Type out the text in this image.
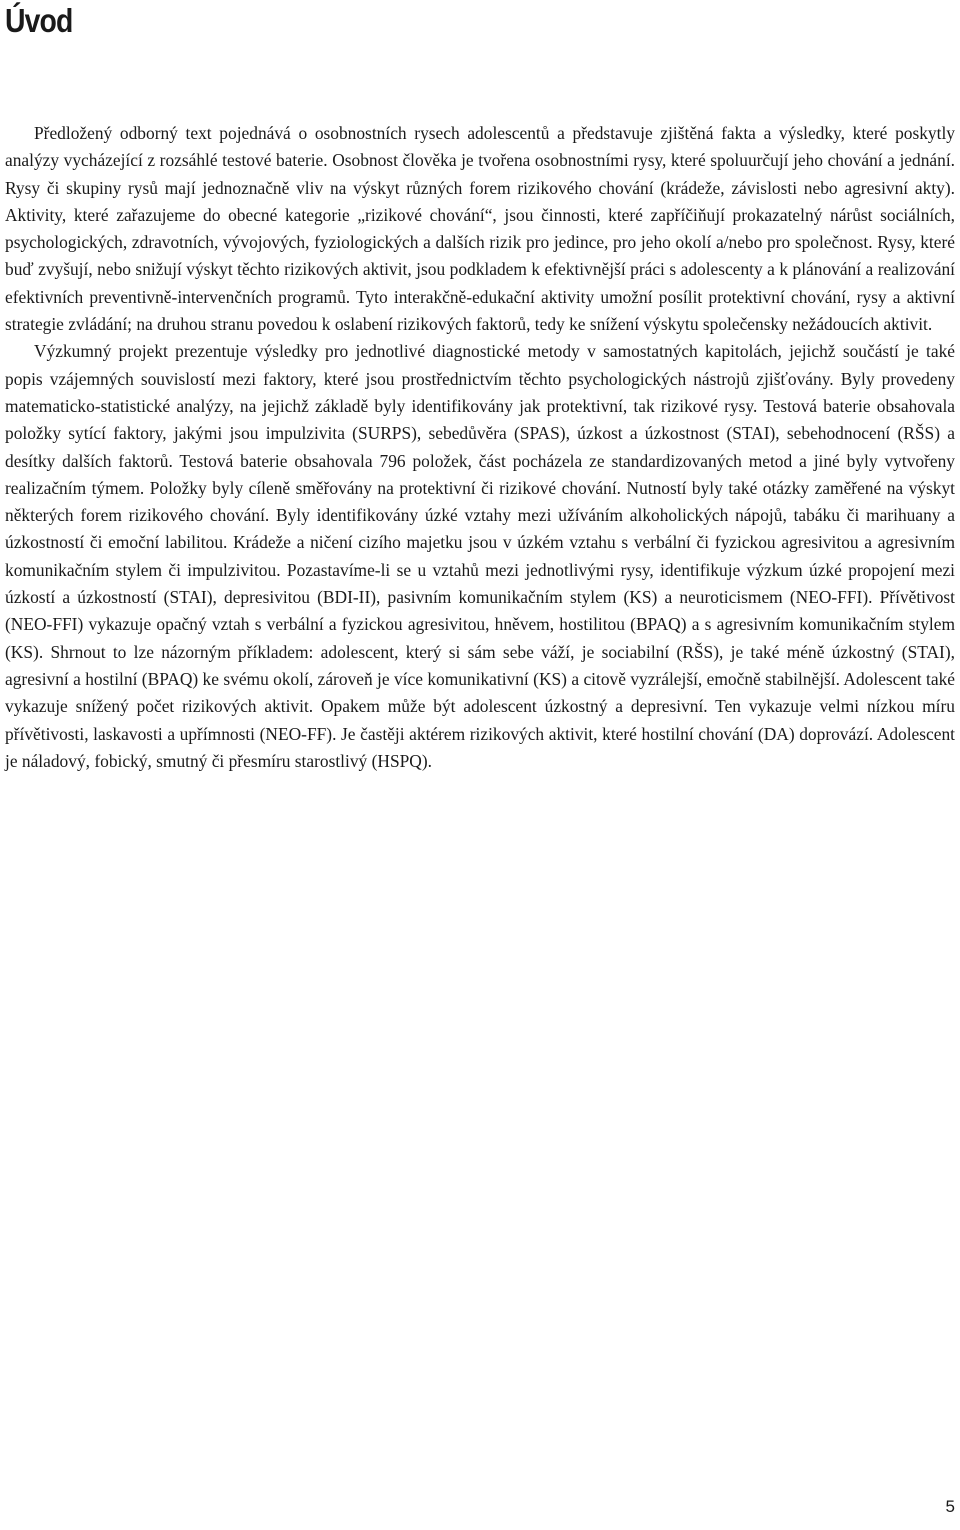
Úvod

Předložený odborný text pojednává o osobnostních rysech adolescentů a představuje zjištěná fakta a výsledky, které poskytly analýzy vycházející z rozsáhlé testové baterie. Osobnost člověka je tvořena osobnostními rysy, které spoluurčují jeho chování a jednání. Rysy či skupiny rysů mají jednoznačně vliv na výskyt různých forem rizikového chování (krádeže, závislosti nebo agresivní akty). Aktivity, které zařazujeme do obecné kategorie „rizikové chování“, jsou činnosti, které zapříčiňují prokazatelný nárůst sociálních, psychologických, zdravotních, vývojových, fyziologických a dalších rizik pro jedince, pro jeho okolí a/nebo pro společnost. Rysy, které buď zvyšují, nebo snižují výskyt těchto rizikových aktivit, jsou podkladem k efektivnější práci s adolescenty a k plánování a realizování efektivních preventivně-intervenčních programů. Tyto interakčně-edukační aktivity umožní posílit protektivní chování, rysy a aktivní strategie zvládání; na druhou stranu povedou k oslabení rizikových faktorů, tedy ke snížení výskytu společensky nežádoucích aktivit.

Výzkumný projekt prezentuje výsledky pro jednotlivé diagnostické metody v samostatných kapitolách, jejichž součástí je také popis vzájemných souvislostí mezi faktory, které jsou prostřednictvím těchto psychologických nástrojů zjišťovány. Byly provedeny matematicko-statistické analýzy, na jejichž základě byly identifikovány jak protektivní, tak rizikové rysy. Testová baterie obsahovala položky sytící faktory, jakými jsou impulzivita (SURPS), sebedůvěra (SPAS), úzkost a úzkostnost (STAI), sebehodnocení (RŠS) a desítky dalších faktorů. Testová baterie obsahovala 796 položek, část pocházela ze standardizovaných metod a jiné byly vytvořeny realizačním týmem. Položky byly cíleně směřovány na protektivní či rizikové chování. Nutností byly také otázky zaměřené na výskyt některých forem rizikového chování. Byly identifikovány úzké vztahy mezi užíváním alkoholických nápojů, tabáku či marihuany a úzkostností či emoční labilitou. Krádeže a ničení cizího majetku jsou v úzkém vztahu s verbální či fyzickou agresivitou a agresivním komunikačním stylem či impulzivitou. Pozastavíme-li se u vztahů mezi jednotlivými rysy, identifikuje výzkum úzké propojení mezi úzkostí a úzkostností (STAI), depresivitou (BDI-II), pasivním komunikačním stylem (KS) a neuroticismem (NEO-FFI). Přívětivost (NEO-FFI) vykazuje opačný vztah s verbální a fyzickou agresivitou, hněvem, hostilitou (BPAQ) a s agresivním komunikačním stylem (KS). Shrnout to lze názorným příkladem: adolescent, který si sám sebe váží, je sociabilní (RŠS), je také méně úzkostný (STAI), agresivní a hostilní (BPAQ) ke svému okolí, zároveň je více komunikativní (KS) a citově vyzrálejší, emočně stabilnější. Adolescent také vykazuje snížený počet rizikových aktivit. Opakem může být adolescent úzkostný a depresivní. Ten vykazuje velmi nízkou míru přívětivosti, laskavosti a upřímnosti (NEO-FF). Je častěji aktérem rizikových aktivit, které hostilní chování (DA) doprovází. Adolescent je náladový, fobický, smutný či přesmíru starostlivý (HSPQ).

5
